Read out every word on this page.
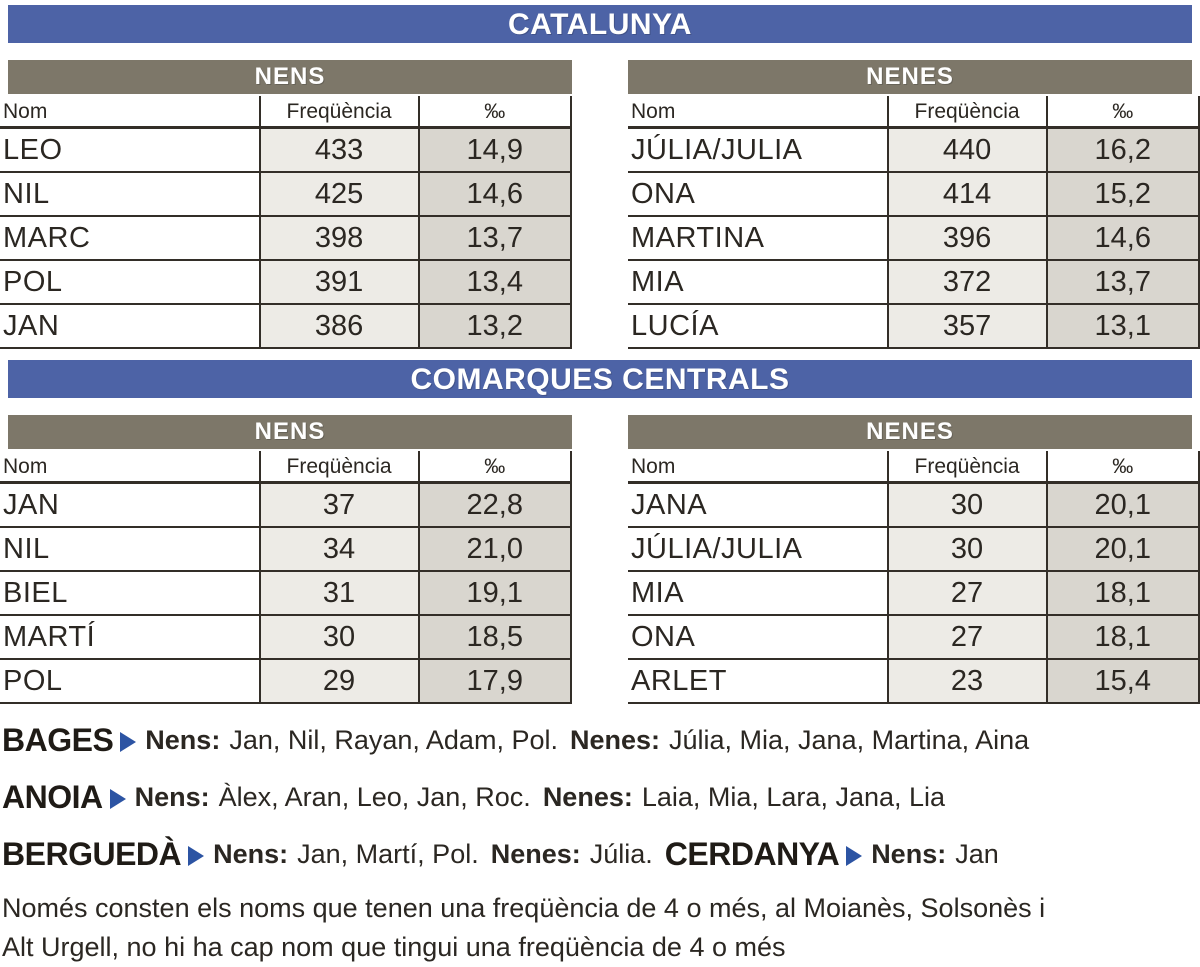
CATALUNYA
NENS
Nom	Freqüència	‰
LEO	433	14,9
NIL	425	14,6
MARC	398	13,7
POL	391	13,4
JAN	386	13,2
NENES
Nom	Freqüència	‰
JÚLIA/JULIA	440	16,2
ONA	414	15,2
MARTINA	396	14,6
MIA	372	13,7
LUCÍA	357	13,1
COMARQUES CENTRALS
NENS
Nom	Freqüència	‰
JAN	37	22,8
NIL	34	21,0
BIEL	31	19,1
MARTÍ	30	18,5
POL	29	17,9
NENES
Nom	Freqüència	‰
JANA	30	20,1
JÚLIA/JULIA	30	20,1
MIA	27	18,1
ONA	27	18,1
ARLET	23	15,4
BAGES Nens: Jan, Nil, Rayan, Adam, Pol. Nenes: Júlia, Mia, Jana, Martina, Aina
ANOIA Nens: Àlex, Aran, Leo, Jan, Roc. Nenes: Laia, Mia, Lara, Jana, Lia
BERGUEDÀ Nens: Jan, Martí, Pol. Nenes: Júlia. CERDANYA Nens: Jan
Només consten els noms que tenen una freqüència de 4 o més, al Moianès, Solsonès i
Alt Urgell, no hi ha cap nom que tingui una freqüència de 4 o més
